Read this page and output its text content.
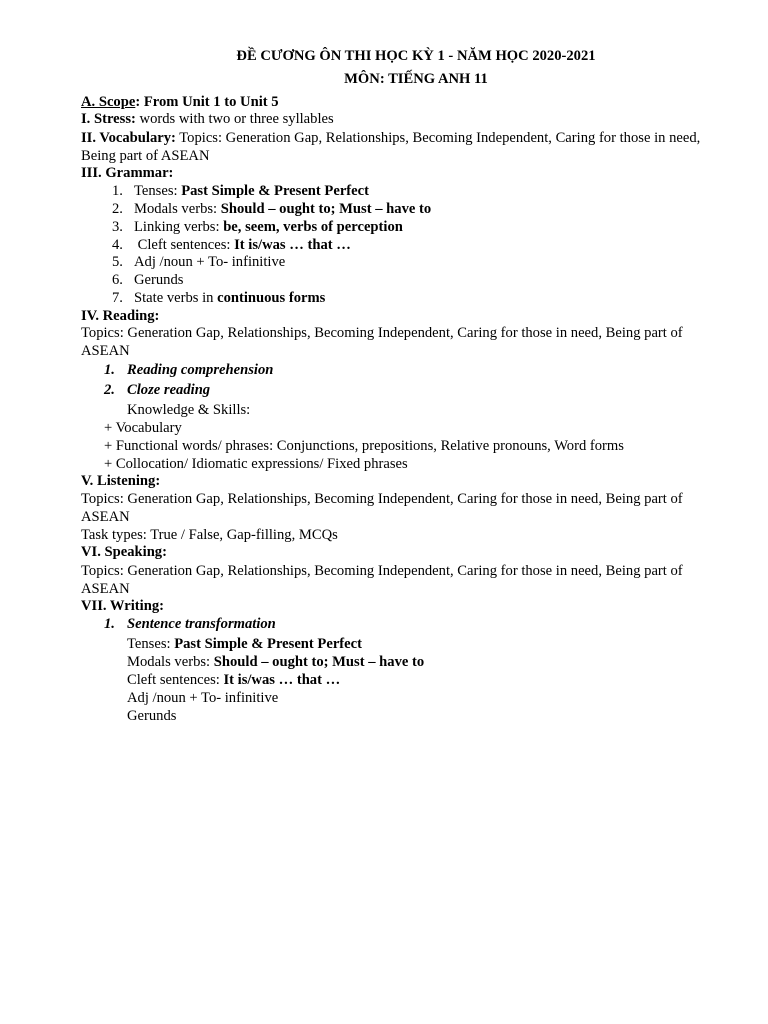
ĐỀ CƯƠNG ÔN THI HỌC KỲ 1 - NĂM HỌC 2020-2021
MÔN: TIẾNG ANH 11
A. Scope: From Unit 1 to Unit 5
I. Stress: words with two or three syllables
II. Vocabulary: Topics: Generation Gap, Relationships, Becoming Independent, Caring for those in need, Being part of ASEAN
III. Grammar:
1. Tenses: Past Simple & Present Perfect
2. Modals verbs: Should – ought to; Must – have to
3. Linking verbs: be, seem, verbs of perception
4. Cleft sentences: It is/was … that …
5. Adj /noun + To- infinitive
6. Gerunds
7. State verbs in continuous forms
IV. Reading:
Topics: Generation Gap, Relationships, Becoming Independent, Caring for those in need, Being part of ASEAN
1. Reading comprehension
2. Cloze reading
Knowledge & Skills:
+ Vocabulary
+ Functional words/ phrases: Conjunctions, prepositions, Relative pronouns, Word forms
+ Collocation/ Idiomatic expressions/ Fixed phrases
V. Listening:
Topics: Generation Gap, Relationships, Becoming Independent, Caring for those in need, Being part of ASEAN
Task types: True / False, Gap-filling, MCQs
VI. Speaking:
Topics: Generation Gap, Relationships, Becoming Independent, Caring for those in need, Being part of ASEAN
VII. Writing:
1. Sentence transformation
Tenses: Past Simple & Present Perfect
Modals verbs: Should – ought to; Must – have to
Cleft sentences: It is/was … that …
Adj /noun + To- infinitive
Gerunds
